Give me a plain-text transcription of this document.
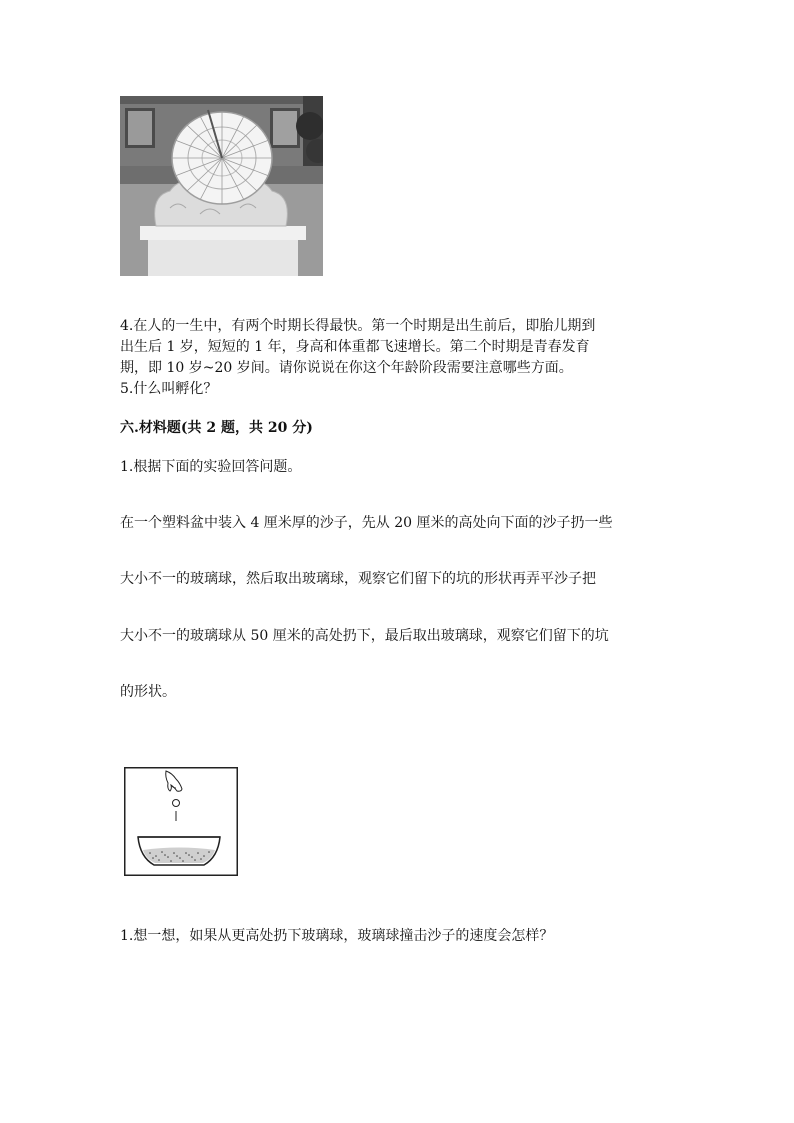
4.在人的一生中，有两个时期长得最快。第一个时期是出生前后，即胎儿期到
出生后 1 岁，短短的 1 年，身高和体重都飞速增长。第二个时期是青春发育
期，即 10 岁~20 岁间。请你说说在你这个年龄阶段需要注意哪些方面。
5.什么叫孵化？
六.材料题(共 2 题，共 20 分)
1.根据下面的实验回答问题。
在一个塑料盆中装入 4 厘米厚的沙子，先从 20 厘米的高处向下面的沙子扔一些
大小不一的玻璃球，然后取出玻璃球，观察它们留下的坑的形状再弄平沙子把
大小不一的玻璃球从 50 厘米的高处扔下，最后取出玻璃球，观察它们留下的坑
的形状。
1.想一想，如果从更高处扔下玻璃球，玻璃球撞击沙子的速度会怎样？
